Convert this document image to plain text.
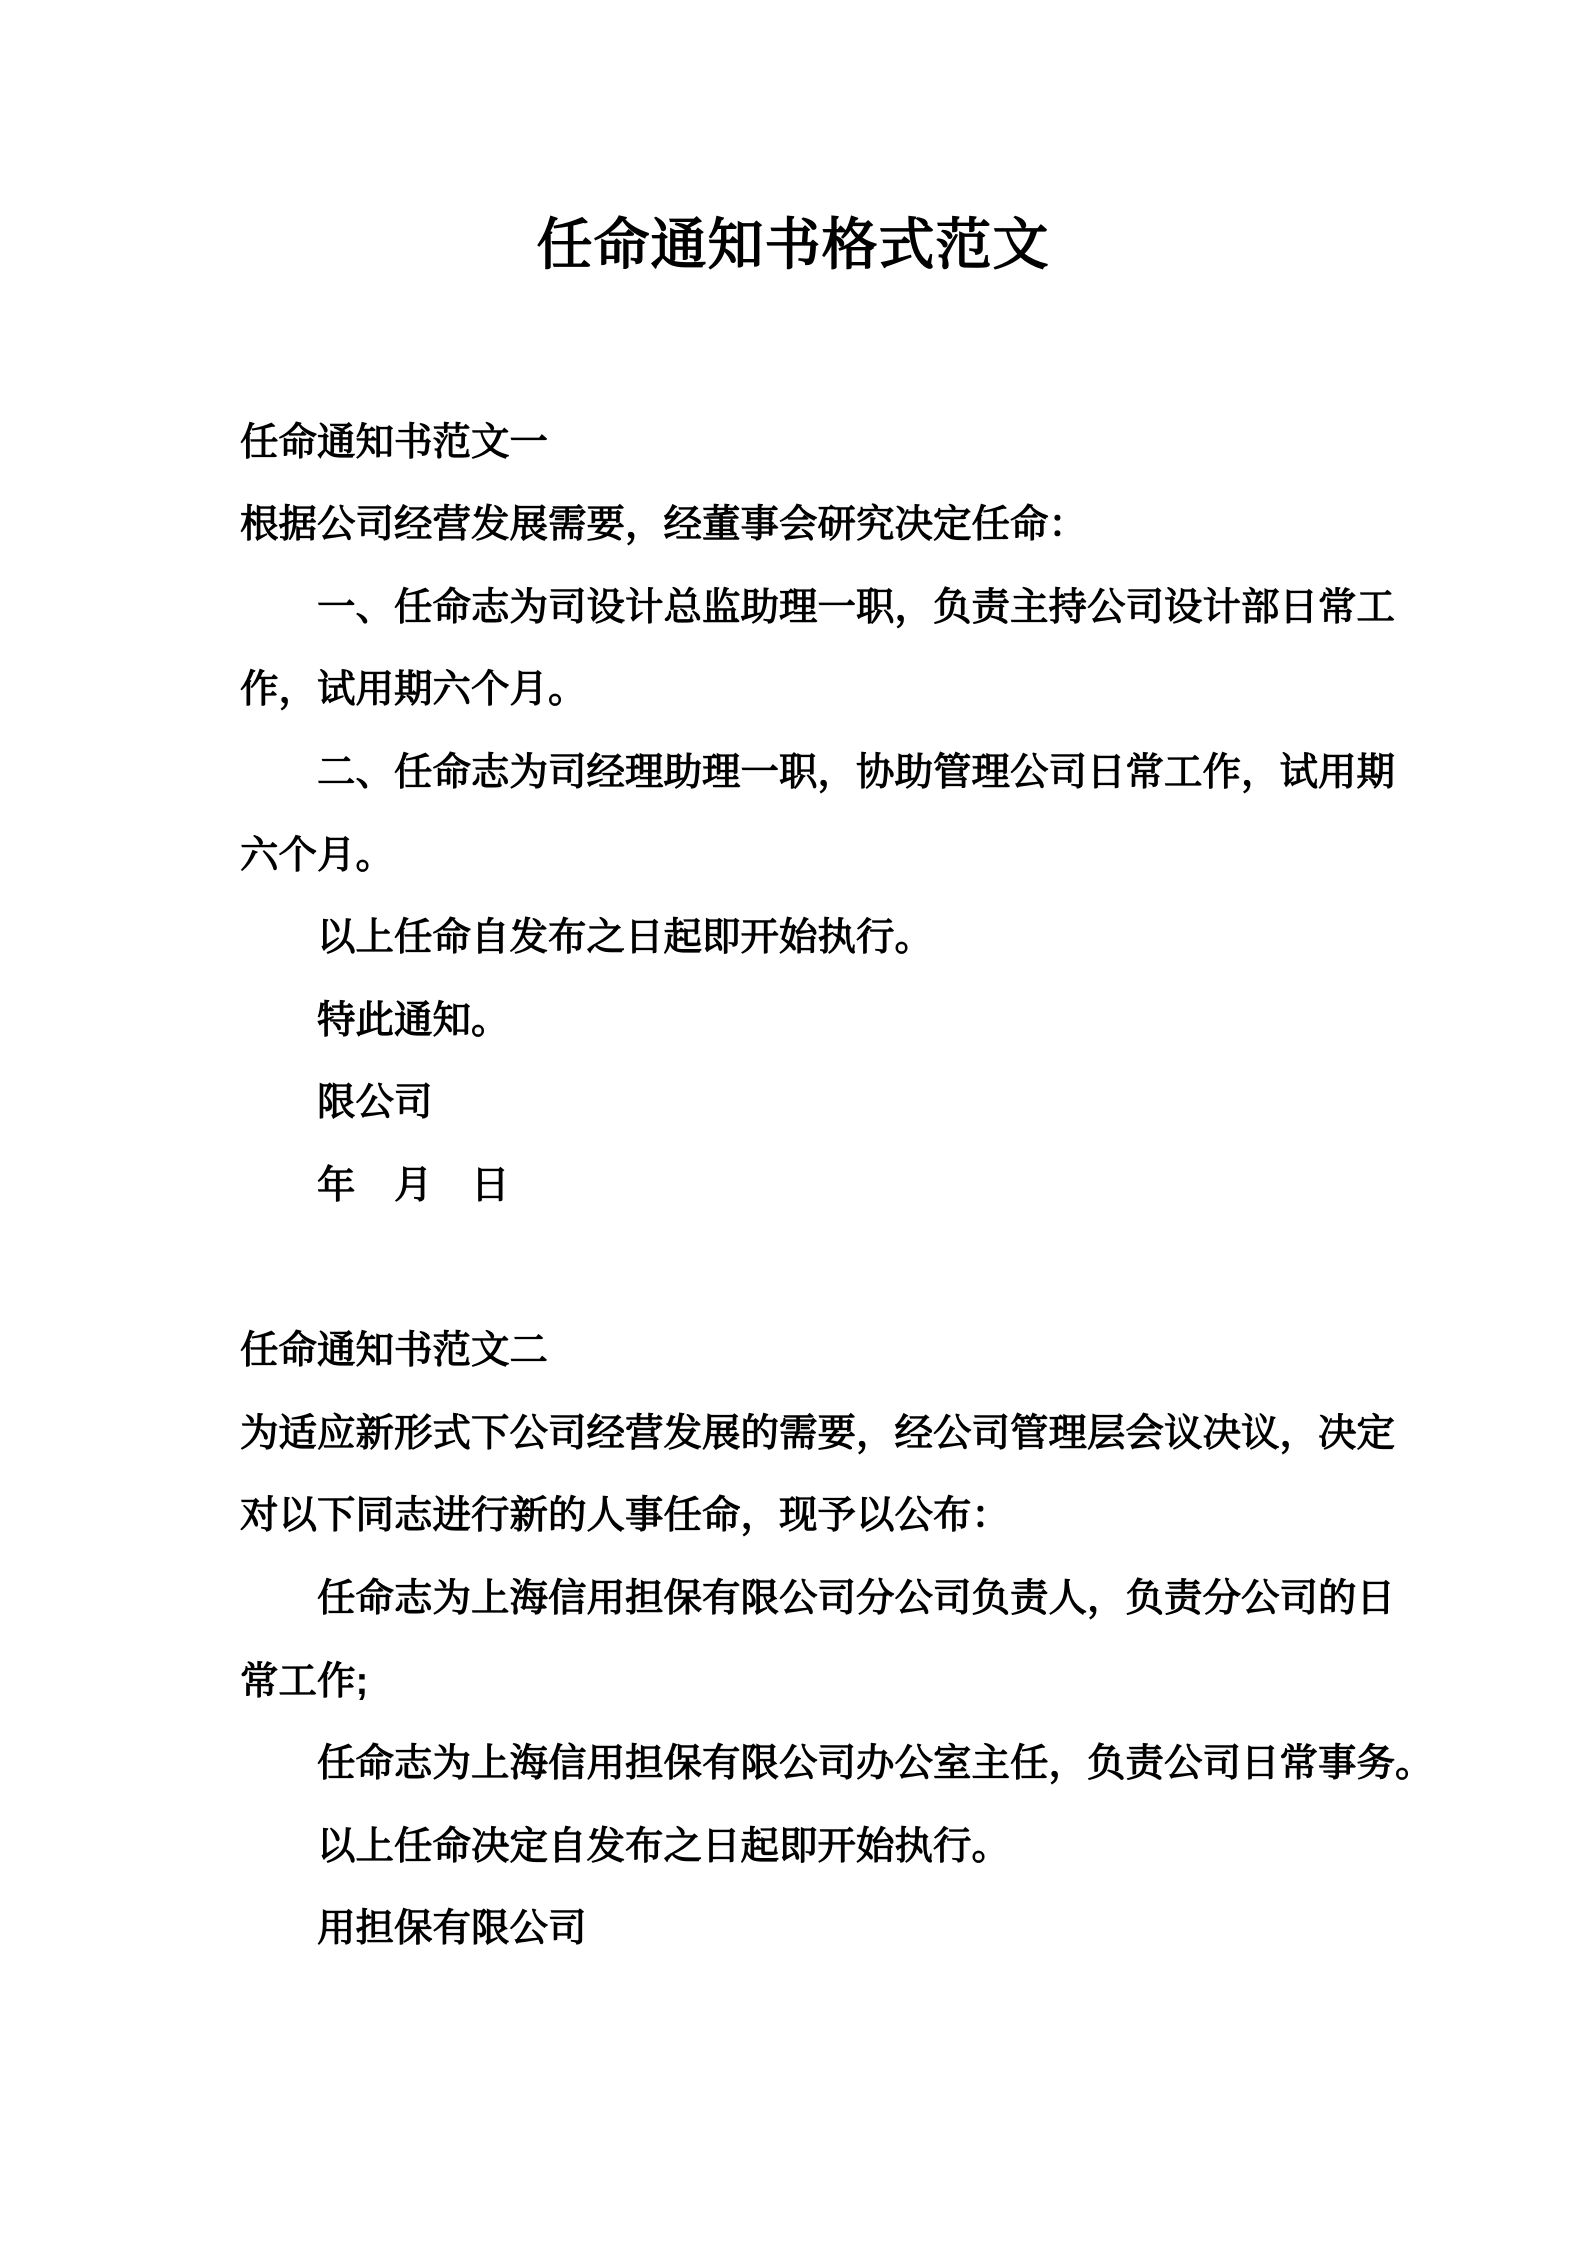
任命通知书格式范文
任命通知书范文一
根据公司经营发展需要，经董事会研究决定任命：
一、任命志为司设计总监助理一职，负责主持公司设计部日常工
作，试用期六个月。
二、任命志为司经理助理一职，协助管理公司日常工作，试用期
六个月。
以上任命自发布之日起即开始执行。
特此通知。
限公司
年　月　日
任命通知书范文二
为适应新形式下公司经营发展的需要，经公司管理层会议决议，决定
对以下同志进行新的人事任命，现予以公布：
任命志为上海信用担保有限公司分公司负责人，负责分公司的日
常工作;
任命志为上海信用担保有限公司办公室主任，负责公司日常事务。
以上任命决定自发布之日起即开始执行。
用担保有限公司
